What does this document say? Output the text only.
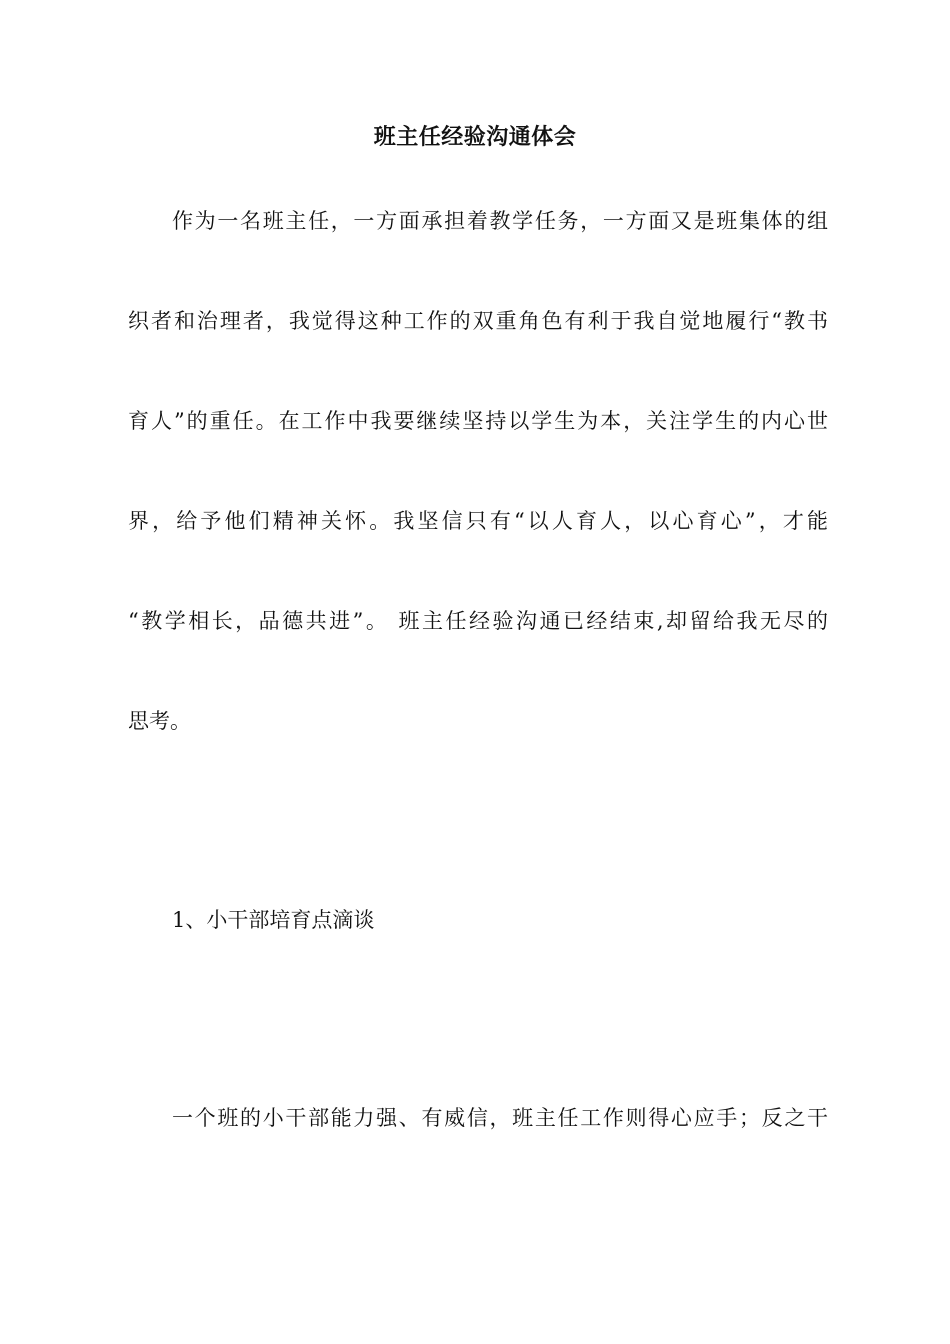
班主任经验沟通体会
作为一名班主任，一方面承担着教学任务，一方面又是班集体的组
织者和治理者，我觉得这种工作的双重角色有利于我自觉地履行“教书
育人”的重任。在工作中我要继续坚持以学生为本，关注学生的内心世
界，给予他们精神关怀。我坚信只有“以人育人，以心育心”，才能
“教学相长，品德共进”。 班主任经验沟通已经结束,却留给我无尽的
思考。
1、小干部培育点滴谈
一个班的小干部能力强、有威信，班主任工作则得心应手；反之干
